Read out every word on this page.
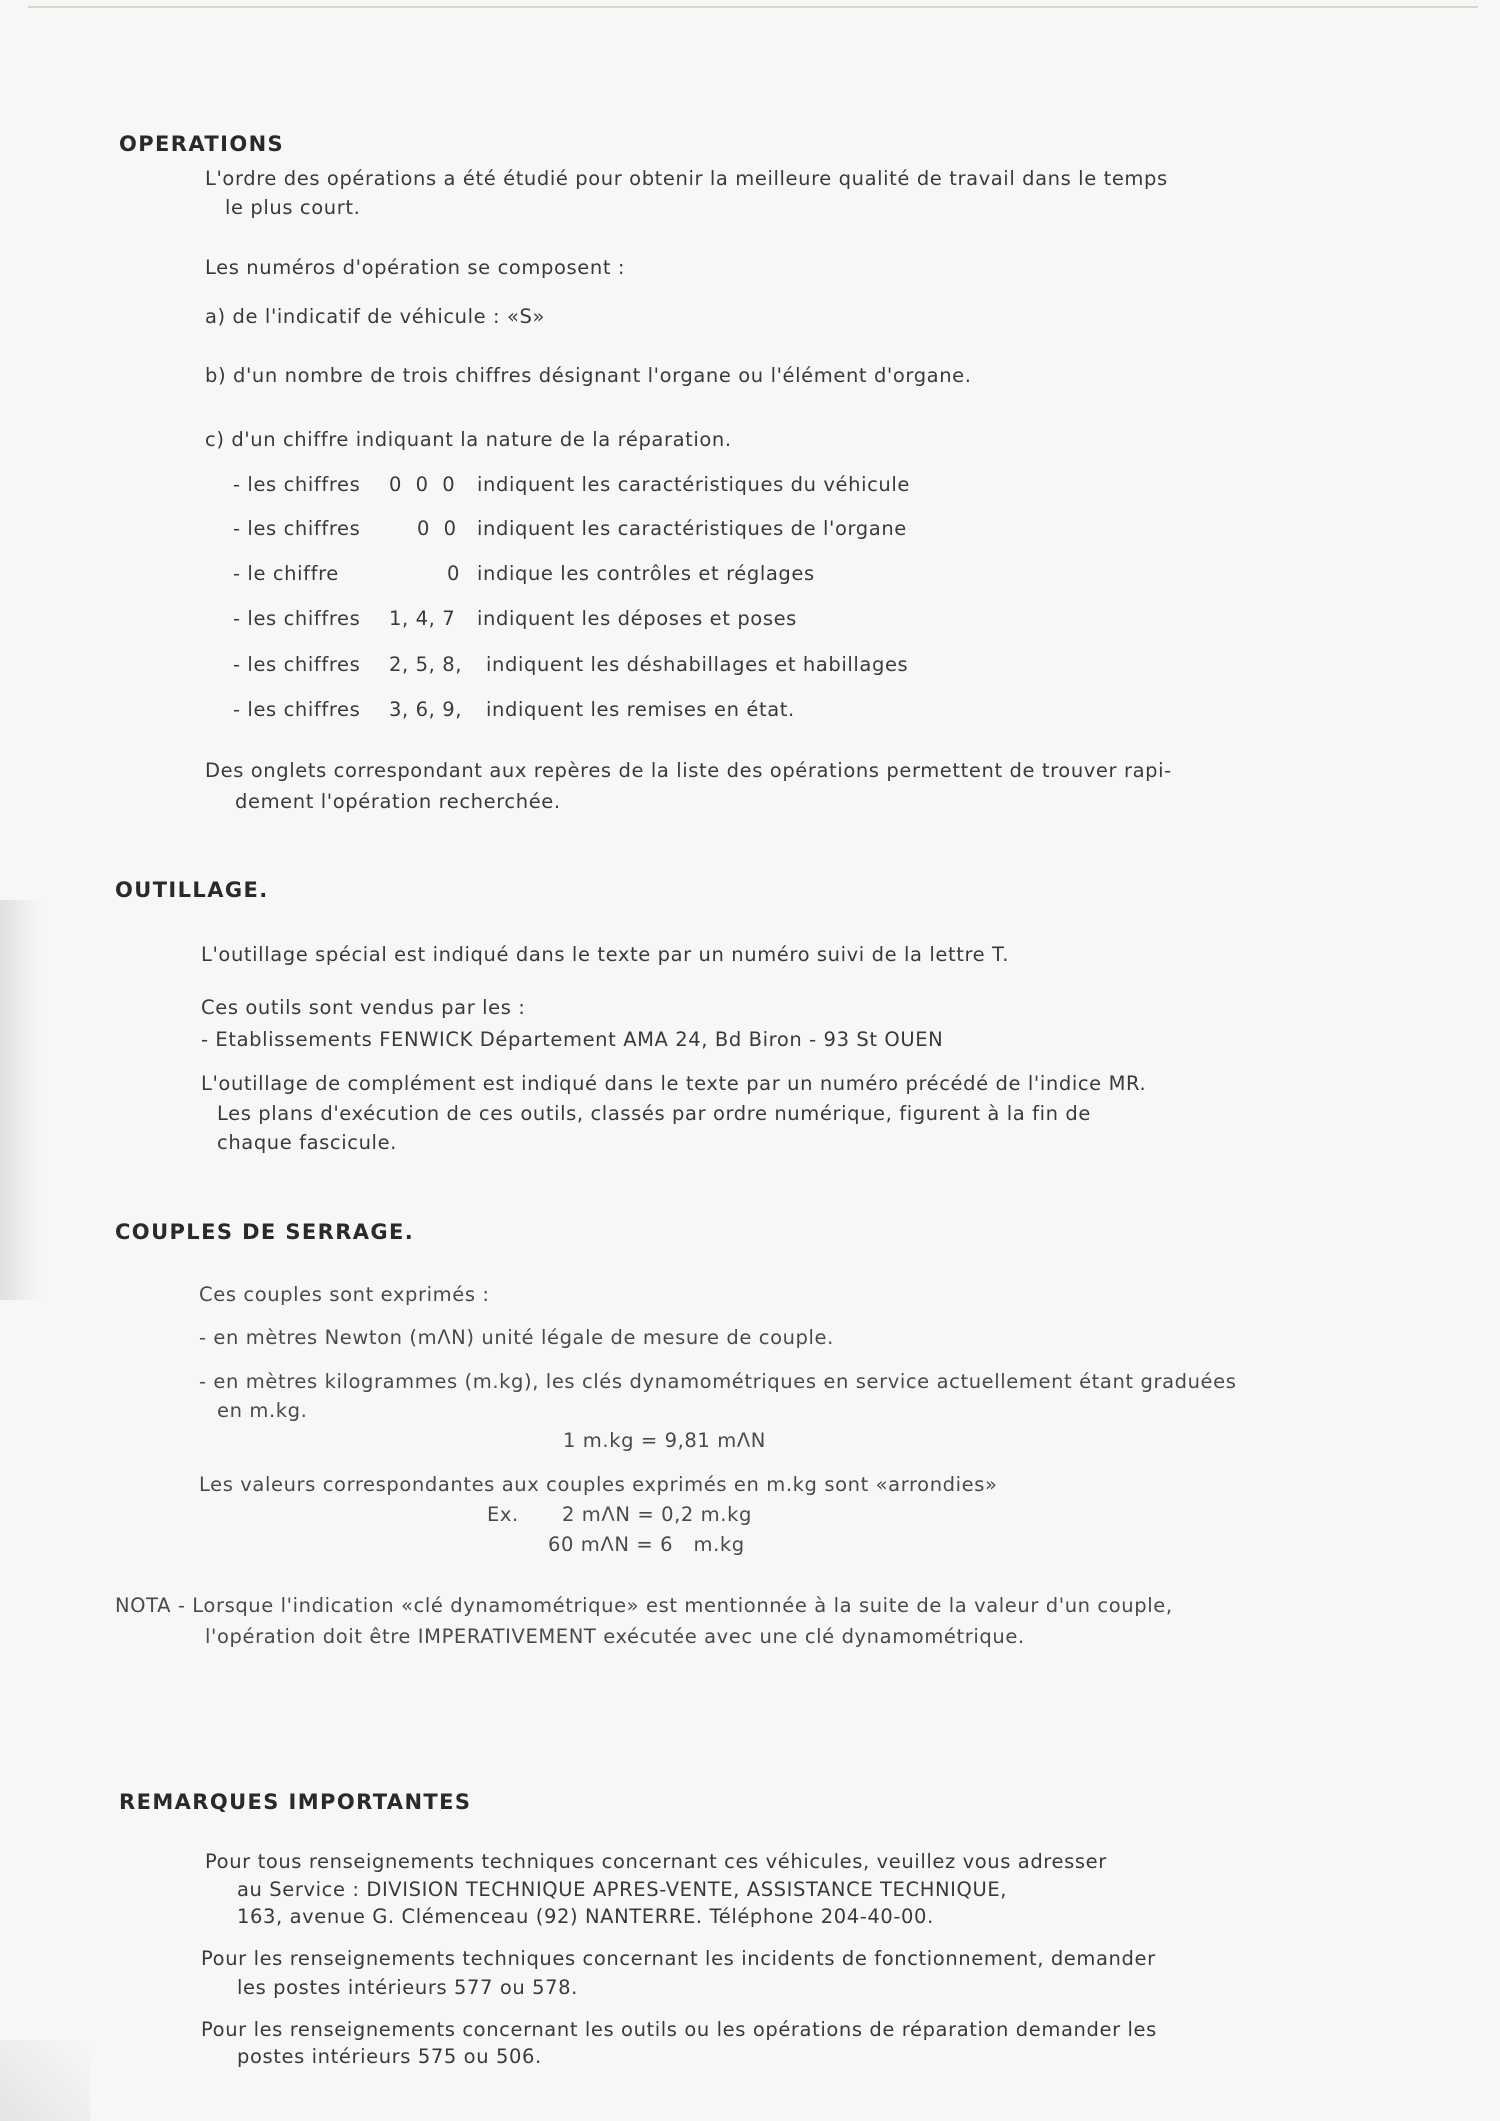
OPERATIONS
L'ordre des opérations a été étudié pour obtenir la meilleure qualité de travail dans le temps
le plus court.
Les numéros d'opération se composent :
a) de l'indicatif de véhicule : «S»
b) d'un nombre de trois chiffres désignant l'organe ou l'élément d'organe.
c) d'un chiffre indiquant la nature de la réparation.
- les chiffres 0  0  0 indiquent les caractéristiques du véhicule
- les chiffres	0  0 indiquent les caractéristiques de l'organe
- le chiffre	0 indique les contrôles et réglages
- les chiffres 1, 4, 7 indiquent les déposes et poses
- les chiffres 2, 5, 8, indiquent les déshabillages et habillages
- les chiffres 3, 6, 9, indiquent les remises en état.
Des onglets correspondant aux repères de la liste des opérations permettent de trouver rapi-
dement l'opération recherchée.
OUTILLAGE.
L'outillage spécial est indiqué dans le texte par un numéro suivi de la lettre T.
Ces outils sont vendus par les :
- Etablissements FENWICK Département AMA 24, Bd Biron - 93 St OUEN
L'outillage de complément est indiqué dans le texte par un numéro précédé de l'indice MR.
Les plans d'exécution de ces outils, classés par ordre numérique, figurent à la fin de
chaque fascicule.
COUPLES DE SERRAGE.
Ces couples sont exprimés :
- en mètres Newton (mΛN) unité légale de mesure de couple.
- en mètres kilogrammes (m.kg), les clés dynamométriques en service actuellement étant graduées
en m.kg.
1 m.kg = 9,81 mΛN
Les valeurs correspondantes aux couples exprimés en m.kg sont «arrondies»
Ex. 2 mΛN = 0,2 m.kg
60 mΛN = 6   m.kg
NOTA - Lorsque l'indication «clé dynamométrique» est mentionnée à la suite de la valeur d'un couple,
l'opération doit être IMPERATIVEMENT exécutée avec une clé dynamométrique.
REMARQUES IMPORTANTES
Pour tous renseignements techniques concernant ces véhicules, veuillez vous adresser
au Service : DIVISION TECHNIQUE APRES-VENTE, ASSISTANCE TECHNIQUE,
163, avenue G. Clémenceau (92) NANTERRE. Téléphone 204-40-00.
Pour les renseignements techniques concernant les incidents de fonctionnement, demander
les postes intérieurs 577 ou 578.
Pour les renseignements concernant les outils ou les opérations de réparation demander les
postes intérieurs 575 ou 506.
